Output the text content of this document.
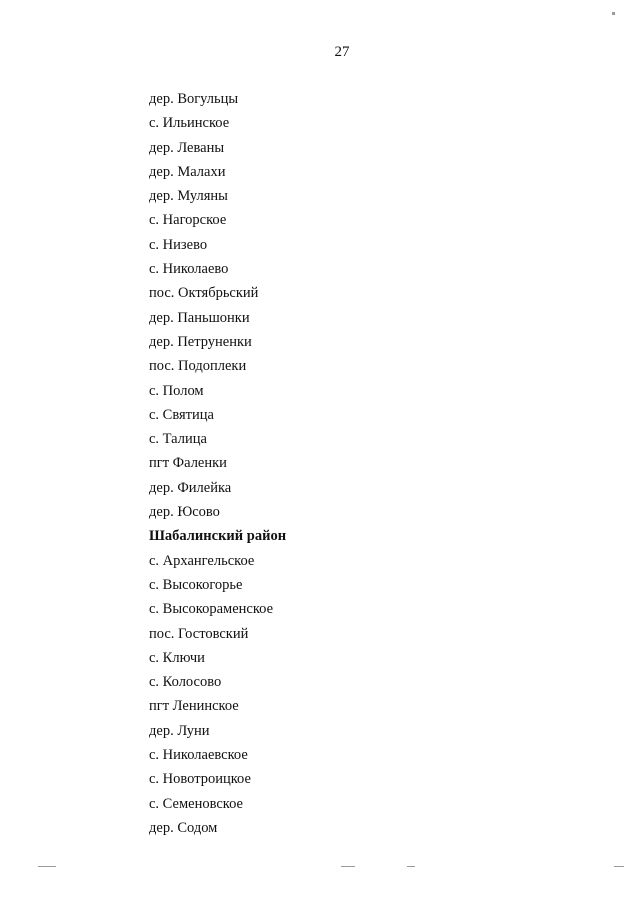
27
дер. Вогульцы
с. Ильинское
дер. Леваны
дер. Малахи
дер. Муляны
с. Нагорское
с. Низево
с. Николаево
пос. Октябрьский
дер. Паньшонки
дер. Петруненки
пос. Подоплеки
с. Полом
с. Святица
с. Талица
пгт Фаленки
дер. Филейка
дер. Юсово
Шабалинский район
с. Архангельское
с. Высокогорье
с. Высокораменское
пос. Гостовский
с. Ключи
с. Колосово
пгт Ленинское
дер. Луни
с. Николаевское
с. Новотроицкое
с. Семеновское
дер. Содом
